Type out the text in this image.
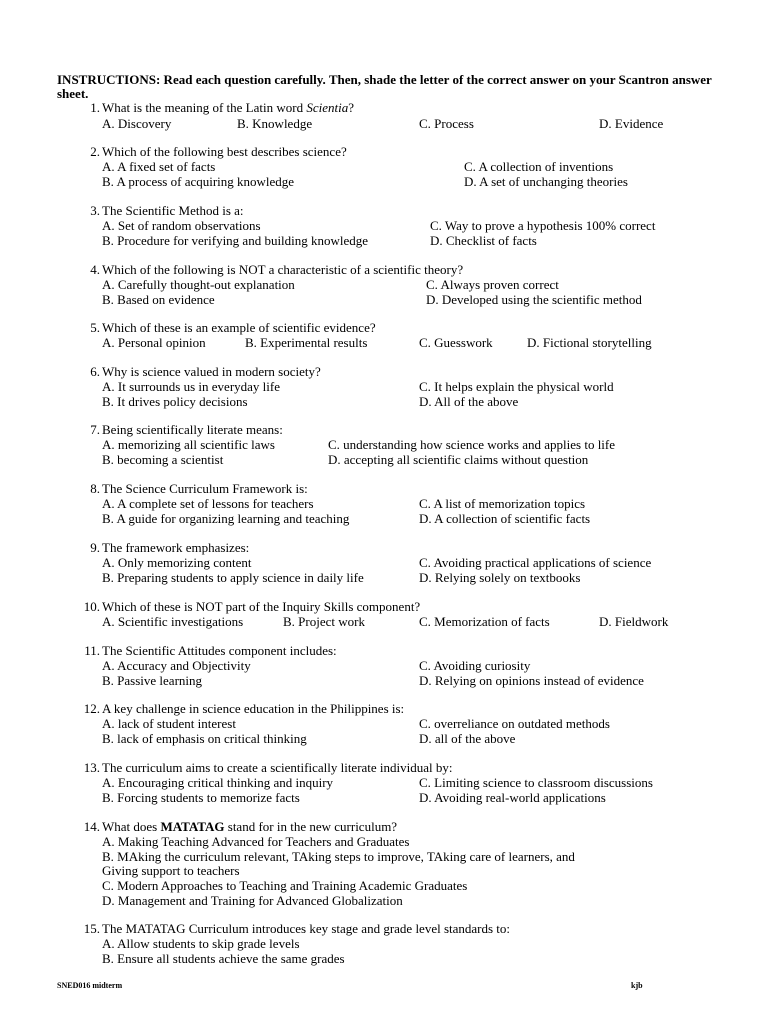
INSTRUCTIONS: Read each question carefully. Then, shade the letter of the correct answer on your Scantron answer sheet.
1. What is the meaning of the Latin word Scientia?
A. Discovery	B. Knowledge	C. Process	D. Evidence
2. Which of the following best describes science?
A. A fixed set of facts
B. A process of acquiring knowledge
C. A collection of inventions
D. A set of unchanging theories
3. The Scientific Method is a:
A. Set of random observations
B. Procedure for verifying and building knowledge
C. Way to prove a hypothesis 100% correct
D. Checklist of facts
4. Which of the following is NOT a characteristic of a scientific theory?
A. Carefully thought-out explanation
B. Based on evidence
C. Always proven correct
D. Developed using the scientific method
5. Which of these is an example of scientific evidence?
A. Personal opinion	B. Experimental results	C. Guesswork	D. Fictional storytelling
6. Why is science valued in modern society?
A. It surrounds us in everyday life
B. It drives policy decisions
C. It helps explain the physical world
D. All of the above
7. Being scientifically literate means:
A. memorizing all scientific laws
B. becoming a scientist
C. understanding how science works and applies to life
D. accepting all scientific claims without question
8. The Science Curriculum Framework is:
A. A complete set of lessons for teachers
B. A guide for organizing learning and teaching
C. A list of memorization topics
D. A collection of scientific facts
9. The framework emphasizes:
A. Only memorizing content
B. Preparing students to apply science in daily life
C. Avoiding practical applications of science
D. Relying solely on textbooks
10. Which of these is NOT part of the Inquiry Skills component?
A. Scientific investigations	B. Project work	C. Memorization of facts	D. Fieldwork
11. The Scientific Attitudes component includes:
A. Accuracy and Objectivity
B. Passive learning
C. Avoiding curiosity
D. Relying on opinions instead of evidence
12. A key challenge in science education in the Philippines is:
A. lack of student interest
B. lack of emphasis on critical thinking
C. overreliance on outdated methods
D. all of the above
13. The curriculum aims to create a scientifically literate individual by:
A. Encouraging critical thinking and inquiry
B. Forcing students to memorize facts
C. Limiting science to classroom discussions
D. Avoiding real-world applications
14. What does MATATAG stand for in the new curriculum?
A. Making Teaching Advanced for Teachers and Graduates
B. MAking the curriculum relevant, TAking steps to improve, TAking care of learners, and
Giving support to teachers
C. Modern Approaches to Teaching and Training Academic Graduates
D. Management and Training for Advanced Globalization
15. The MATATAG Curriculum introduces key stage and grade level standards to:
A. Allow students to skip grade levels
B. Ensure all students achieve the same grades
SNED016 midterm	kjb
